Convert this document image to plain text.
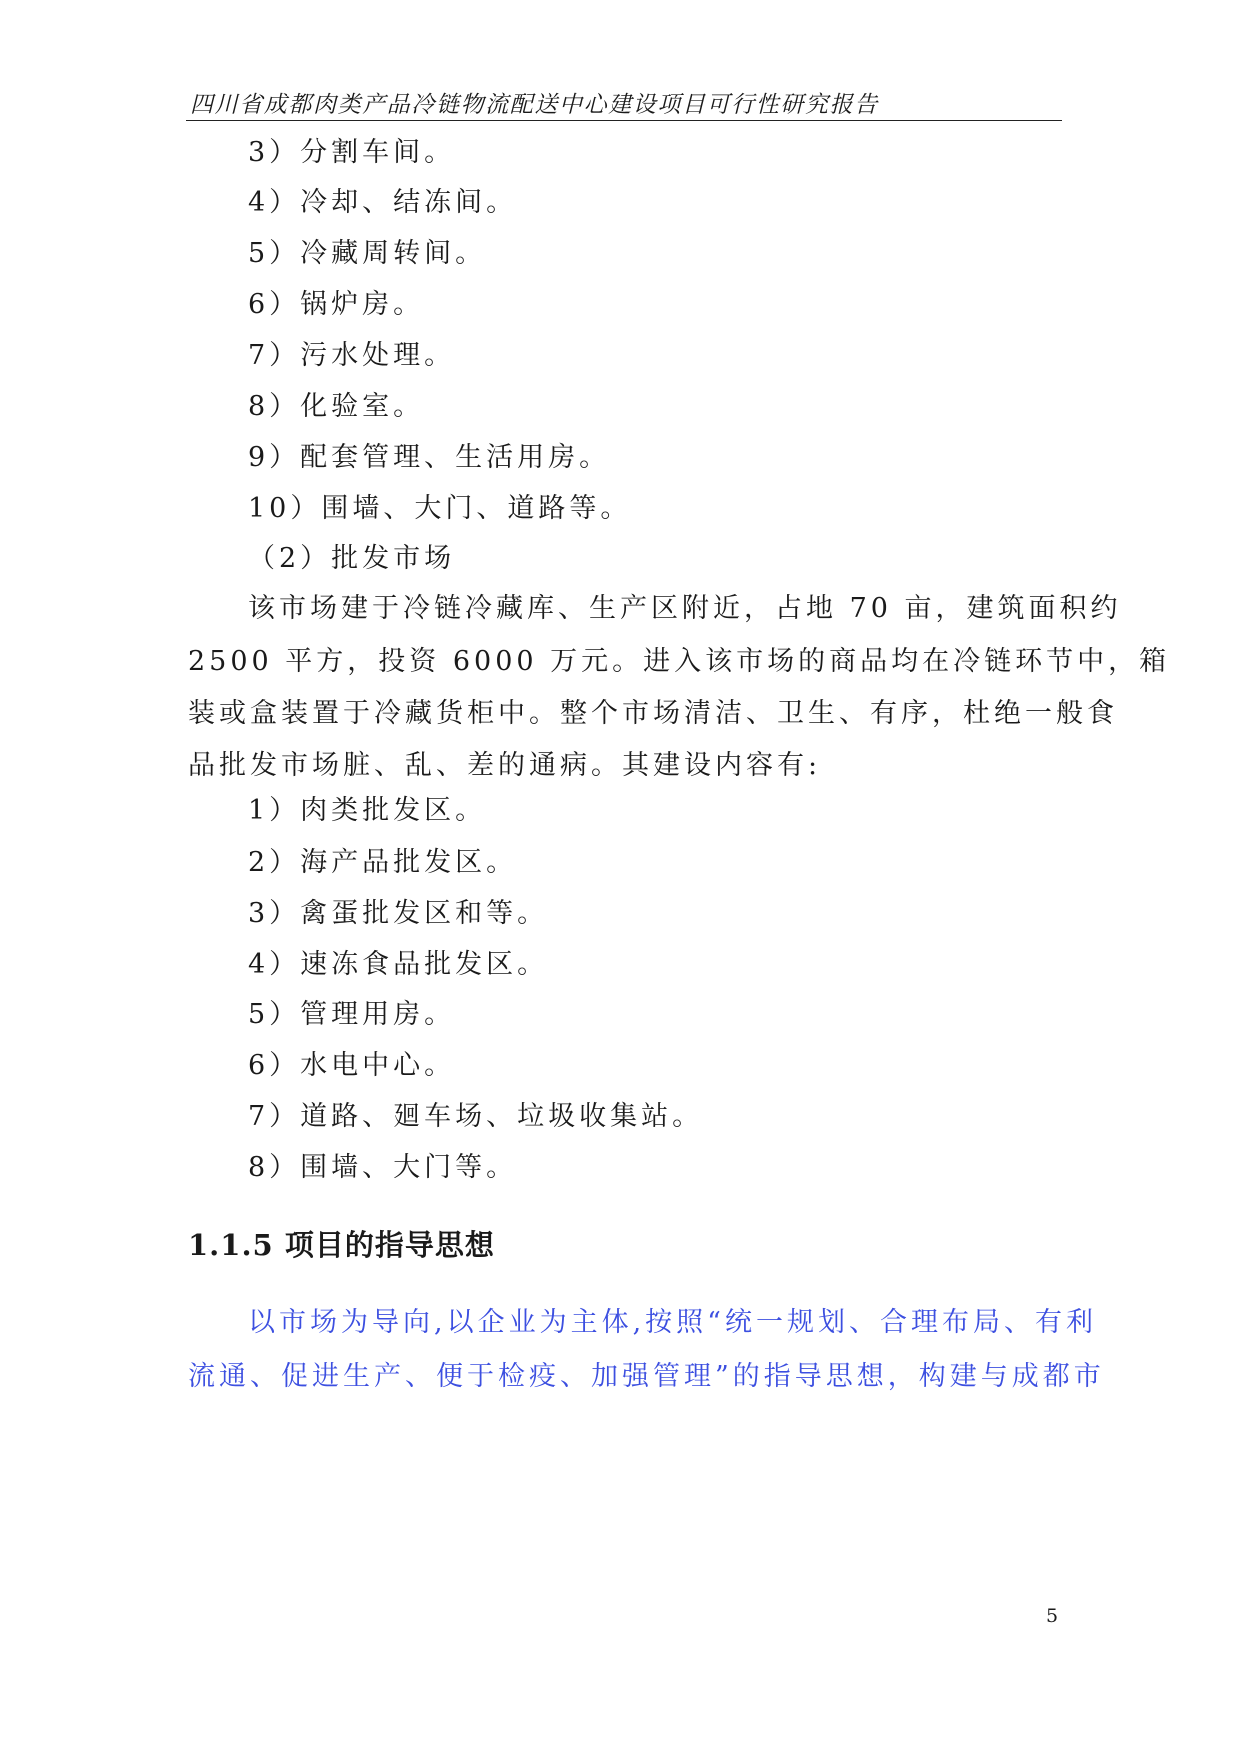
四川省成都肉类产品冷链物流配送中心建设项目可行性研究报告
3）分割车间。
4）冷却、结冻间。
5）冷藏周转间。
6）锅炉房。
7）污水处理。
8）化验室。
9）配套管理、生活用房。
10）围墙、大门、道路等。
（2）批发市场
该市场建于冷链冷藏库、生产区附近，占地 70 亩，建筑面积约
2500 平方，投资 6000 万元。进入该市场的商品均在冷链环节中，箱
装或盒装置于冷藏货柜中。整个市场清洁、卫生、有序，杜绝一般食
品批发市场脏、乱、差的通病。其建设内容有:
1）肉类批发区。
2）海产品批发区。
3）禽蛋批发区和等。
4）速冻食品批发区。
5）管理用房。
6）水电中心。
7）道路、廻车场、垃圾收集站。
8）围墙、大门等。
1.1.5 项目的指导思想
以市场为导向,以企业为主体,按照“统一规划、合理布局、有利
流通、促进生产、便于检疫、加强管理”的指导思想，构建与成都市
5
